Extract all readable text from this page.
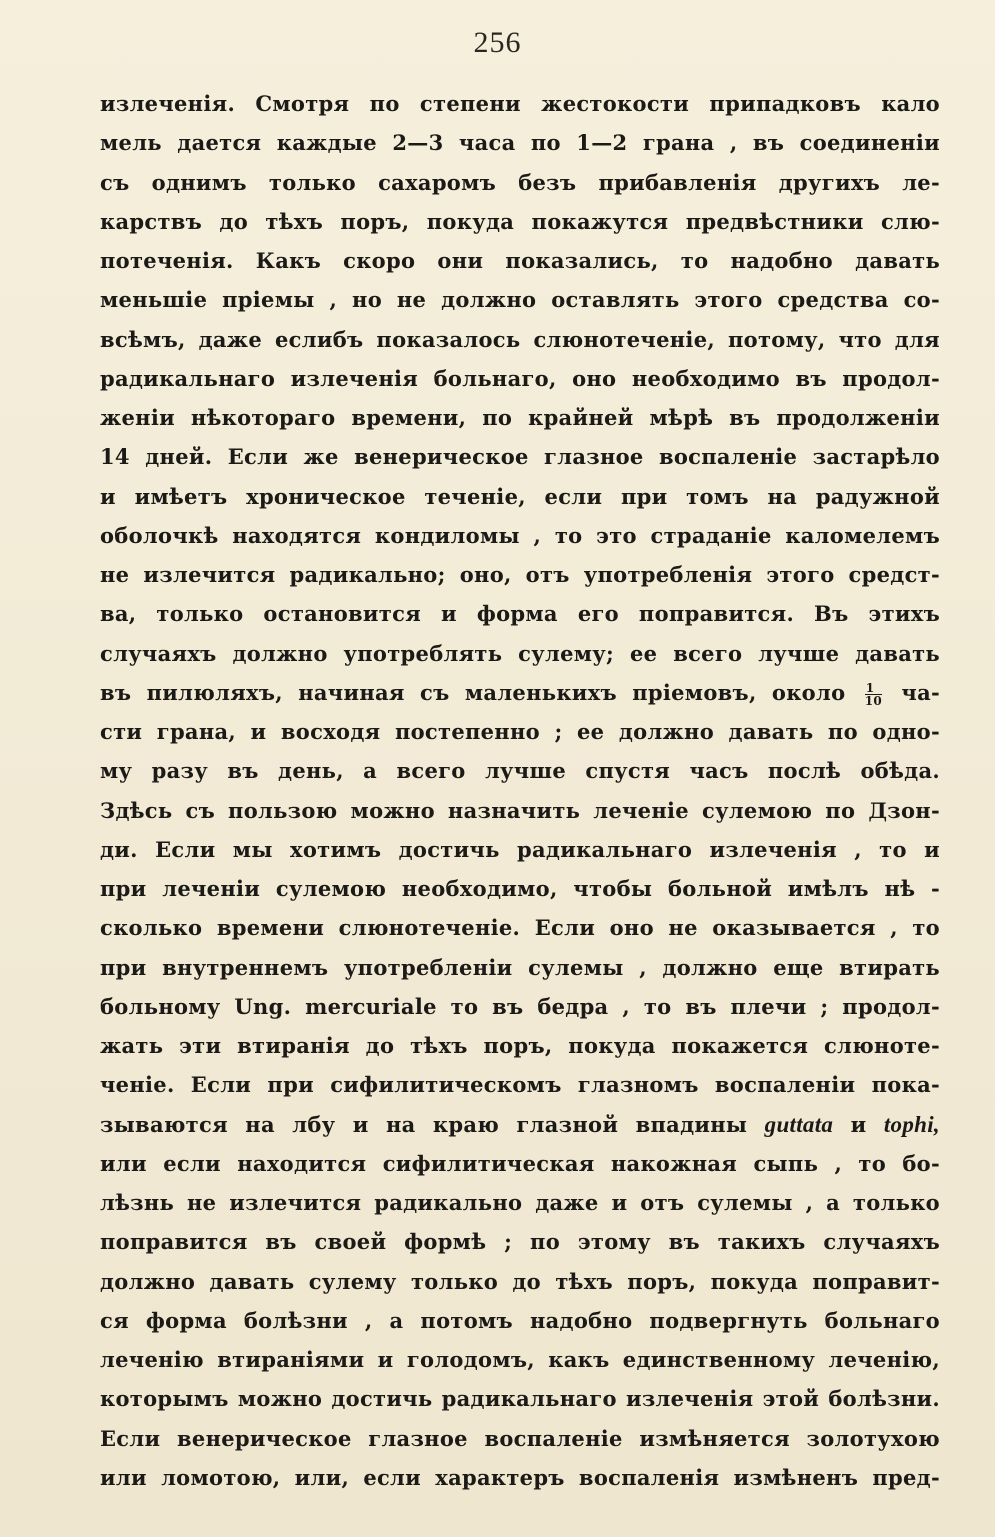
256
излеченія. Смотря по степени жестокости припадковъ кало
мель дается каждые 2—3 часа по 1—2 грана , въ соединеніи
съ однимъ только сахаромъ безъ прибавленія другихъ ле-
карствъ до тѣхъ поръ, покуда покажутся предвѣстники слю-
потеченія. Какъ скоро они показались, то надобно давать
меньшіе пріемы , но не должно оставлять этого средства со-
всѣмъ, даже еслибъ показалось слюнотеченіе, потому, что для
радикальнаго излеченія больнаго, оно необходимо въ продол-
женіи нѣкотораго времени, по крайней мѣрѣ въ продолженіи
14 дней. Если же венерическое глазное воспаленіе застарѣло
и имѣетъ хроническое теченіе, если при томъ на радужной
оболочкѣ находятся кондиломы , то это страданіе каломелемъ
не излечится радикально; оно, отъ употребленія этого средст-
ва, только остановится и форма его поправится. Въ этихъ
случаяхъ должно употреблять сулему; ее всего лучше давать
въ пилюляхъ, начиная съ маленькихъ пріемовъ, около $\frac{1}{10} ча-$
сти грана, и восходя постепенно ; ее должно давать по одно-
му разу въ день, а всего лучше спустя часъ послѣ обѣда.
Здѣсь съ пользою можно назначить леченіе сулемою по Дзон-
ди. Если мы хотимъ достичь радикальнаго излеченія , то и
при леченіи сулемою необходимо, чтобы больной имѣлъ нѣ -
сколько времени слюнотеченіе. Если оно не оказывается , то
при внутреннемъ употребленіи сулемы , должно еще втирать
больному Ung. mercuriale то въ бедра , то въ плечи ; продол-
жать эти втиранія до тѣхъ поръ, покуда покажется слюноте-
ченіе. Если при сифилитическомъ глазномъ воспаленіи пока-
зываются на лбу и на краю глазной впадины guttata и tophi,
или если находится сифилитическая накожная сыпь , то бо-
лѣзнь не излечится радикально даже и отъ сулемы , а только
поправится въ своей формѣ ; по этому въ такихъ случаяхъ
должно давать сулему только до тѣхъ поръ, покуда поправит-
ся форма болѣзни , а потомъ надобно подвергнуть больнаго
леченію втираніями и голодомъ, какъ единственному леченію,
которымъ можно достичь радикальнаго излеченія этой болѣзни.
Если венерическое глазное воспаленіе измѣняется золотухою
или ломотою, или, если характеръ воспаленія измѣненъ пред-
